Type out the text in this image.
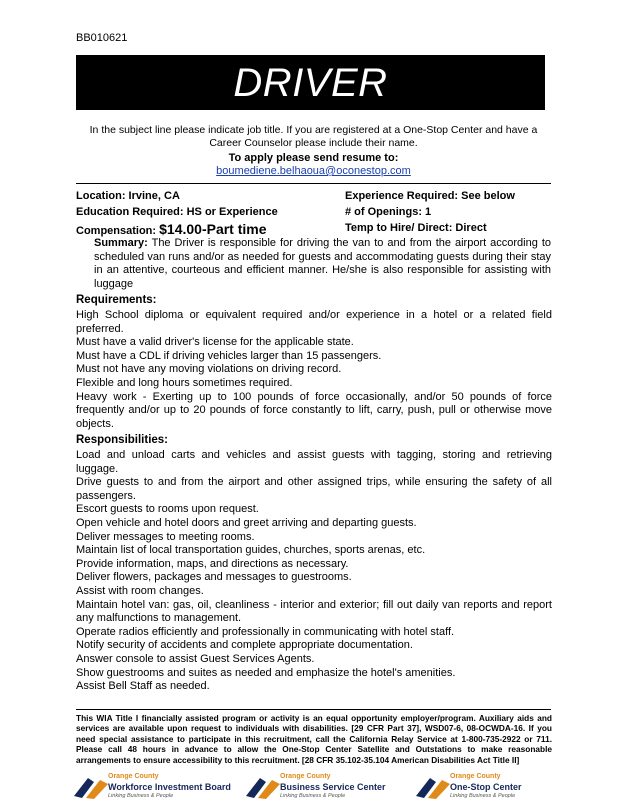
BB010621
DRIVER
In the subject line please indicate job title. If you are registered at a One-Stop Center and have a Career Counselor please include their name.
To apply please send resume to:
boumediene.belhaoua@oconestop.com
Location: Irvine, CA
Education Required: HS or Experience
Compensation: $14.00-Part time
Experience Required: See below
# of Openings: 1
Temp to Hire/ Direct: Direct
Summary: The Driver is responsible for driving the van to and from the airport according to scheduled van runs and/or as needed for guests and accommodating guests during their stay in an attentive, courteous and efficient manner. He/she is also responsible for assisting with luggage
Requirements:
High School diploma or equivalent required and/or experience in a hotel or a related field preferred.
Must have a valid driver's license for the applicable state.
Must have a CDL if driving vehicles larger than 15 passengers.
Must not have any moving violations on driving record.
Flexible and long hours sometimes required.
Heavy work - Exerting up to 100 pounds of force occasionally, and/or 50 pounds of force frequently and/or up to 20 pounds of force constantly to lift, carry, push, pull or otherwise move objects.
Responsibilities:
Load and unload carts and vehicles and assist guests with tagging, storing and retrieving luggage.
Drive guests to and from the airport and other assigned trips, while ensuring the safety of all passengers.
Escort guests to rooms upon request.
Open vehicle and hotel doors and greet arriving and departing guests.
Deliver messages to meeting rooms.
Maintain list of local transportation guides, churches, sports arenas, etc.
Provide information, maps, and directions as necessary.
Deliver flowers, packages and messages to guestrooms.
Assist with room changes.
Maintain hotel van: gas, oil, cleanliness - interior and exterior; fill out daily van reports and report any malfunctions to management.
Operate radios efficiently and professionally in communicating with hotel staff.
Notify security of accidents and complete appropriate documentation.
Answer console to assist Guest Services Agents.
Show guestrooms and suites as needed and emphasize the hotel's amenities.
Assist Bell Staff as needed.
This WIA Title I financially assisted program or activity is an equal opportunity employer/program. Auxiliary aids and services are available upon request to individuals with disabilities. [29 CFR Part 37], WSD07-6, 08-OCWDA-16. If you need special assistance to participate in this recruitment, call the California Relay Service at 1-800-735-2922 or 711. Please call 48 hours in advance to allow the One-Stop Center Satellite and Outstations to make reasonable arrangements to ensure accessibility to this recruitment. [28 CFR 35.102-35.104 American Disabilities Act Title II]
Orange County
Workforce Investment Board
Linking Business & People
Orange County
Business Service Center
Linking Business & People
Orange County
One-Stop Center
Linking Business & People
